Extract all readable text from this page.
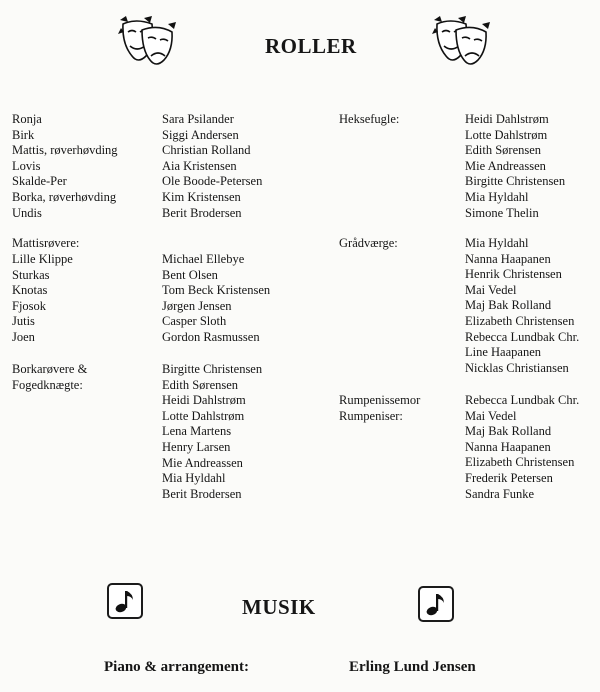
ROLLER
Ronja	Sara Psilander
Birk	Siggi Andersen
Mattis, røverhøvding	Christian Rolland
Lovis	Aia Kristensen
Skalde-Per	Ole Boode-Petersen
Borka, røverhøvding	Kim Kristensen
Undis	Berit Brodersen
Mattisrøvere:
Lille Klippe	Michael Ellebye
Sturkas	Bent Olsen
Knotas	Tom Beck Kristensen
Fjosok	Jørgen Jensen
Jutis	Casper Sloth
Joen	Gordon Rasmussen
Borkarøvere &
Fogedknægte:
Birgitte Christensen
Edith Sørensen
Heidi Dahlstrøm
Lotte Dahlstrøm
Lena Martens
Henry Larsen
Mie Andreassen
Mia Hyldahl
Berit Brodersen
Heksefugle:	Heidi Dahlstrøm
Lotte Dahlstrøm
Edith Sørensen
Mie Andreassen
Birgitte Christensen
Mia Hyldahl
Simone Thelin
Grådværge:	Mia Hyldahl
Nanna Haapanen
Henrik Christensen
Mai Vedel
Maj Bak Rolland
Elizabeth Christensen
Rebecca Lundbak Chr.
Line Haapanen
Nicklas Christiansen
Rumpenissemor
Rumpeniser:
Rebecca Lundbak Chr.
Mai Vedel
Maj Bak Rolland
Nanna Haapanen
Elizabeth Christensen
Frederik Petersen
Sandra Funke
MUSIK
Piano & arrangement:	Erling Lund Jensen
